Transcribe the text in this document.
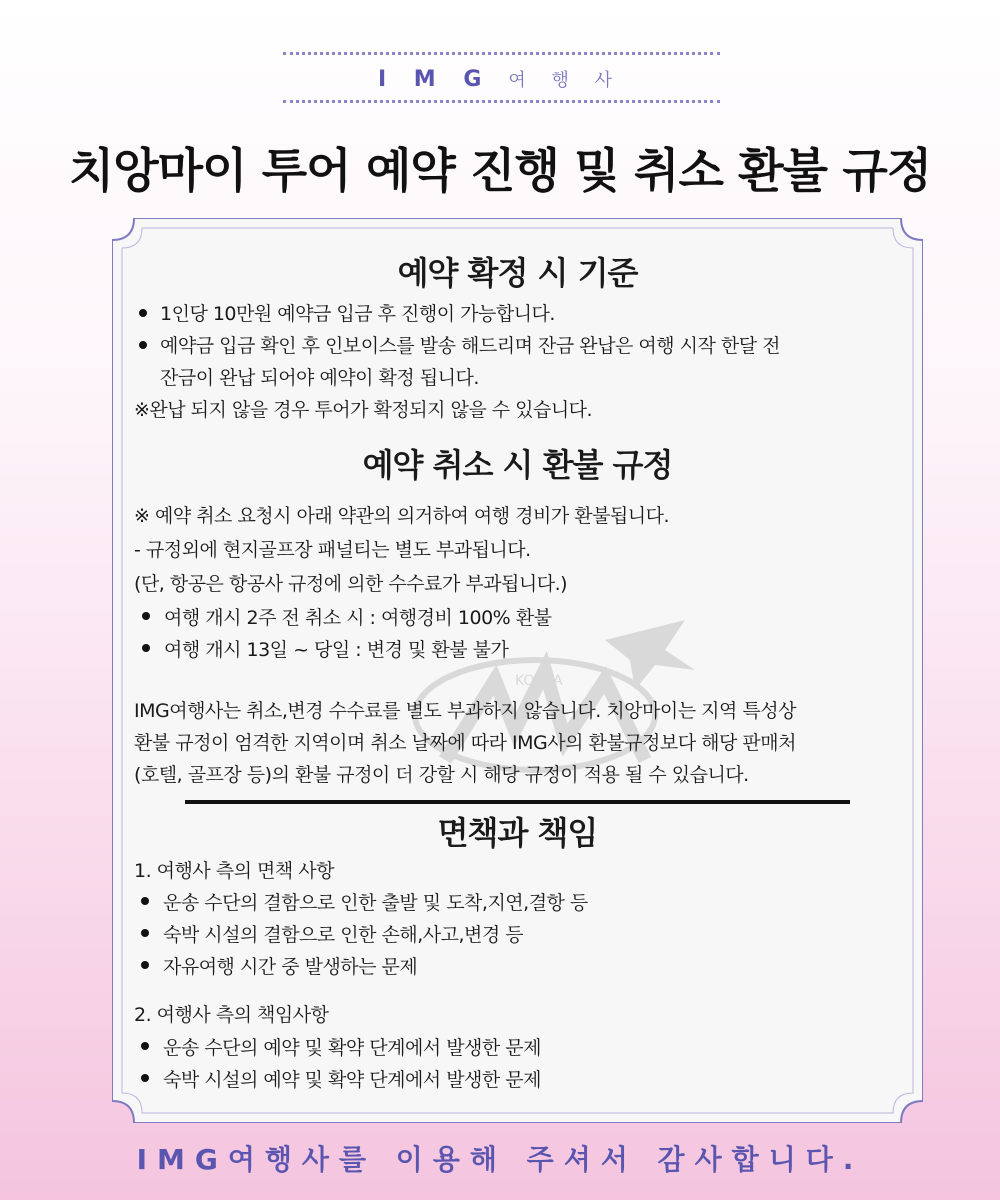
I M G 여 행 사
치앙마이 투어 예약 진행 및 취소 환불 규정
KOREA
예약 확정 시 기준
1인당 10만원 예약금 입금 후 진행이 가능합니다.
예약금 입금 확인 후 인보이스를 발송 해드리며 잔금 완납은 여행 시작 한달 전
잔금이 완납 되어야 예약이 확정 됩니다.
※완납 되지 않을 경우 투어가 확정되지 않을 수 있습니다.
예약 취소 시 환불 규정
※ 예약 취소 요청시 아래 약관의 의거하여 여행 경비가 환불됩니다.
- 규정외에 현지골프장 패널티는 별도 부과됩니다.
(단, 항공은 항공사 규정에 의한 수수료가 부과됩니다.)
여행 개시 2주 전 취소 시 : 여행경비 100% 환불
여행 개시 13일 ~ 당일 : 변경 및 환불 불가
IMG여행사는 취소,변경 수수료를 별도 부과하지 않습니다. 치앙마이는 지역 특성상
환불 규정이 엄격한 지역이며 취소 날짜에 따라 IMG사의 환불규정보다 해당 판매처
(호텔, 골프장 등)의 환불 규정이 더 강할 시 해당 규정이 적용 될 수 있습니다.
면책과 책임
1. 여행사 측의 면책 사항
운송 수단의 결함으로 인한 출발 및 도착,지연,결항 등
숙박 시설의 결함으로 인한 손해,사고,변경 등
자유여행 시간 중 발생하는 문제
2. 여행사 측의 책임사항
운송 수단의 예약 및 확약 단계에서 발생한 문제
숙박 시설의 예약 및 확약 단계에서 발생한 문제
IMG여행사를 이용해 주셔서 감사합니다.
